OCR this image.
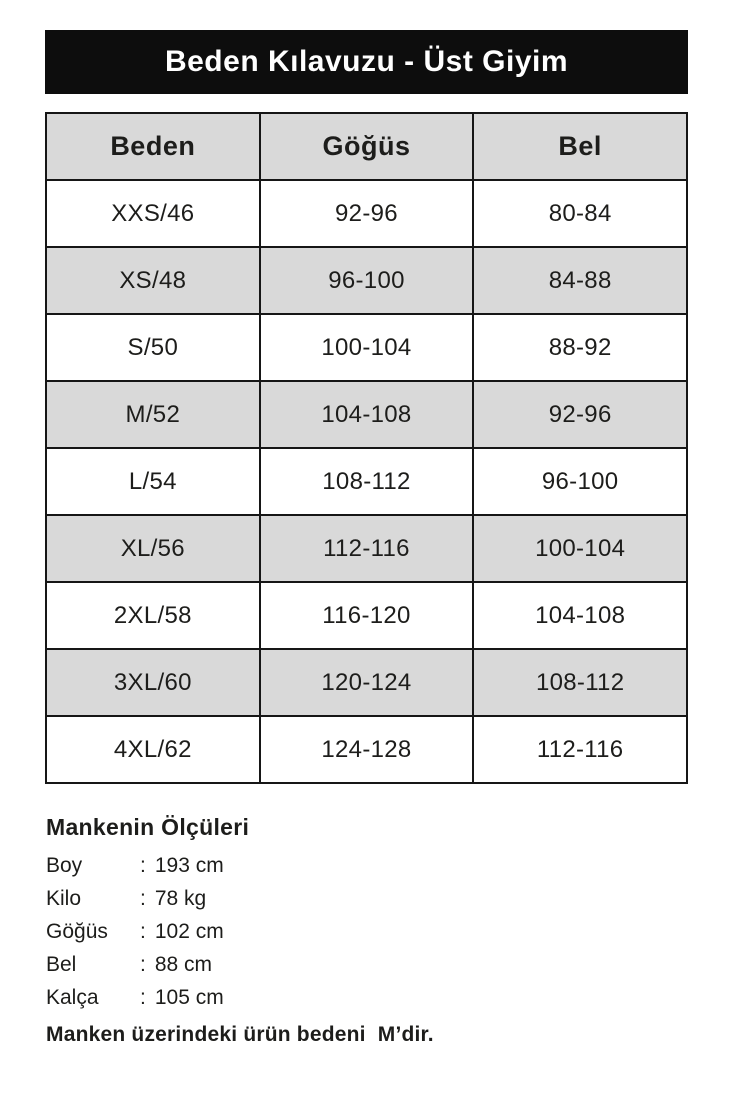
Beden Kılavuzu - Üst Giyim
Beden	Göğüs	Bel
XXS/46	92-96	80-84
XS/48	96-100	84-88
S/50	100-104	88-92
M/52	104-108	92-96
L/54	108-112	96-100
XL/56	112-116	100-104
2XL/58	116-120	104-108
3XL/60	120-124	108-112
4XL/62	124-128	112-116
Mankenin Ölçüleri
Boy	: 193 cm
Kilo	: 78 kg
Göğüs	: 102 cm
Bel	: 88 cm
Kalça	: 105 cm
Manken üzerindeki ürün bedeni  M’dir.
